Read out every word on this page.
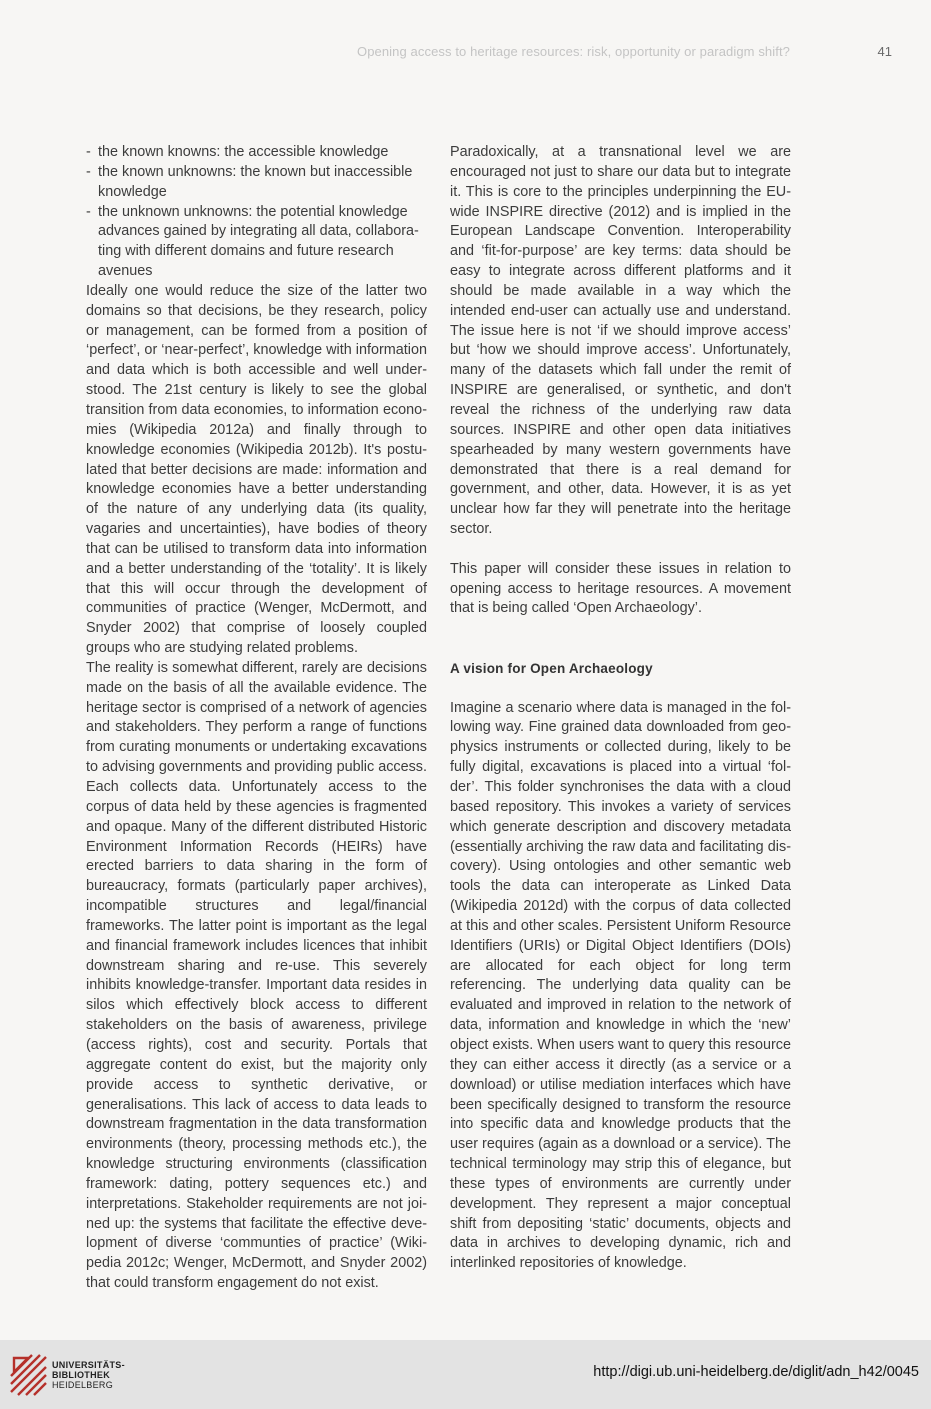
Opening access to heritage resources: risk, opportunity or paradigm shift?	41
- the known knowns: the accessible knowledge
- the known unknowns: the known but inaccessible knowledge
- the unknown unknowns: the potential knowledge advances gained by integrating all data, collaborating with different domains and future research avenues

Ideally one would reduce the size of the latter two domains so that decisions, be they research, policy or management, can be formed from a position of ‘perfect’, or ‘near-perfect’, knowledge with information and data which is both accessible and well understood. The 21st century is likely to see the global transition from data economies, to information economies (Wikipedia 2012a) and finally through to knowledge economies (Wikipedia 2012b). It's postulated that better decisions are made: information and knowledge economies have a better understanding of the nature of any underlying data (its quality, vagaries and uncertainties), have bodies of theory that can be utilised to transform data into information and a better understanding of the ‘totality’. It is likely that this will occur through the development of communities of practice (Wenger, McDermott, and Snyder 2002) that comprise of loosely coupled groups who are studying related problems.

The reality is somewhat different, rarely are decisions made on the basis of all the available evidence. The heritage sector is comprised of a network of agencies and stakeholders. They perform a range of functions from curating monuments or undertaking excavations to advising governments and providing public access. Each collects data. Unfortunately access to the corpus of data held by these agencies is fragmented and opaque. Many of the different distributed Historic Environment Information Records (HEIRs) have erected barriers to data sharing in the form of bureaucracy, formats (particularly paper archives), incompatible structures and legal/financial frameworks. The latter point is important as the legal and financial framework includes licences that inhibit downstream sharing and re-use. This severely inhibits knowledge-transfer. Important data resides in silos which effectively block access to different stakeholders on the basis of awareness, privilege (access rights), cost and security. Portals that aggregate content do exist, but the majority only provide access to synthetic derivative, or generalisations. This lack of access to data leads to downstream fragmentation in the data transformation environments (theory, processing methods etc.), the knowledge structuring environments (classification framework: dating, pottery sequences etc.) and interpretations. Stakeholder requirements are not joined up: the systems that facilitate the effective development of diverse ‘communties of practice’ (Wikipedia 2012c; Wenger, McDermott, and Snyder 2002) that could transform engagement do not exist.

Paradoxically, at a transnational level we are encouraged not just to share our data but to integrate it. This is core to the principles underpinning the EU-wide INSPIRE directive (2012) and is implied in the European Landscape Convention. Interoperability and ‘fit-for-purpose’ are key terms: data should be easy to integrate across different platforms and it should be made available in a way which the intended end-user can actually use and understand. The issue here is not ‘if we should improve access’ but ‘how we should improve access’. Unfortunately, many of the datasets which fall under the remit of INSPIRE are generalised, or synthetic, and don't reveal the richness of the underlying raw data sources. INSPIRE and other open data initiatives spearheaded by many western governments have demonstrated that there is a real demand for government, and other, data. However, it is as yet unclear how far they will penetrate into the heritage sector.

This paper will consider these issues in relation to opening access to heritage resources. A movement that is being called ‘Open Archaeology’.

A vision for Open Archaeology

Imagine a scenario where data is managed in the following way. Fine grained data downloaded from geophysics instruments or collected during, likely to be fully digital, excavations is placed into a virtual ‘folder’. This folder synchronises the data with a cloud based repository. This invokes a variety of services which generate description and discovery metadata (essentially archiving the raw data and facilitating discovery). Using ontologies and other semantic web tools the data can interoperate as Linked Data (Wikipedia 2012d) with the corpus of data collected at this and other scales. Persistent Uniform Resource Identifiers (URIs) or Digital Object Identifiers (DOIs) are allocated for each object for long term referencing. The underlying data quality can be evaluated and improved in relation to the network of data, information and knowledge in which the ‘new’ object exists. When users want to query this resource they can either access it directly (as a service or a download) or utilise mediation interfaces which have been specifically designed to transform the resource into specific data and knowledge products that the user requires (again as a download or a service). The technical terminology may strip this of elegance, but these types of environments are currently under development. They represent a major conceptual shift from depositing ‘static’ documents, objects and data in archives to developing dynamic, rich and interlinked repositories of knowledge.

UNIVERSITÄTS-
BIBLIOTHEK
HEIDELBERG
http://digi.ub.uni-heidelberg.de/diglit/adn_h42/0045
